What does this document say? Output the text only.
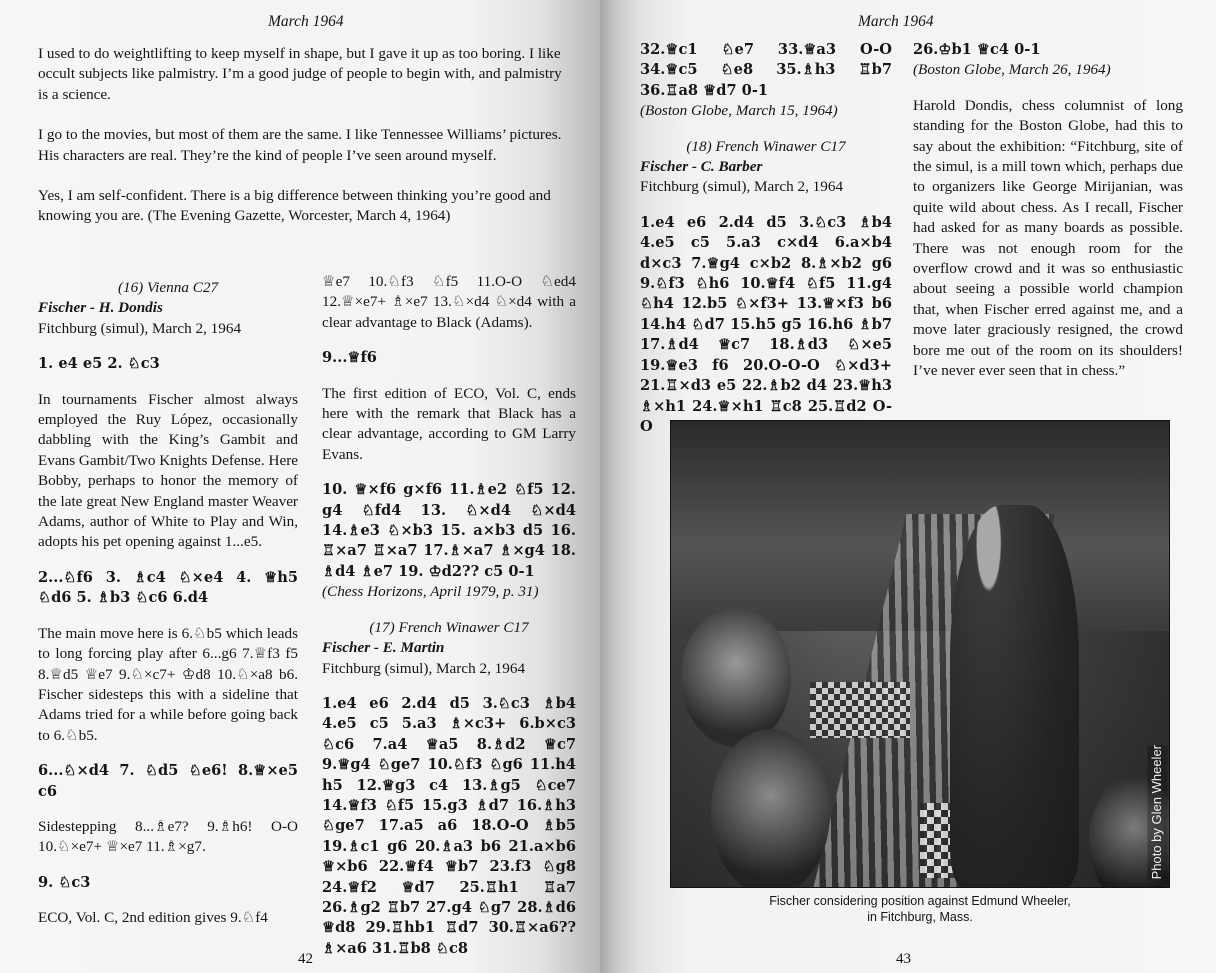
March 1964

I used to do weightlifting to keep myself in shape, but I gave it up as too boring. I like occult subjects like palmistry. I’m a good judge of people to begin with, and palmistry is a science.

I go to the movies, but most of them are the same. I like Tennessee Williams’ pictures. His characters are real. They’re the kind of people I’ve seen around myself.

Yes, I am self-confident. There is a big difference between thinking you’re good and knowing you are. (The Evening Gazette, Worcester, March 4, 1964)

(16) Vienna C27
Fischer - H. Dondis

Fitchburg (simul), March 2, 1964

1. e4 e5 2. ♘c3

In tournaments Fischer almost always employed the Ruy López, occasionally dabbling with the King’s Gambit and Evans Gambit/Two Knights Defense. Here Bobby, perhaps to honor the memory of the late great New England master Weaver Adams, author of White to Play and Win, adopts his pet opening against 1...e5.

2...♘f6 3. ♗c4 ♘×e4 4. ♕h5 ♘d6 5. ♗b3 ♘c6 6.d4

The main move here is 6.♘b5 which leads to long forcing play after 6...g6 7.♕f3 f5 8.♕d5 ♕e7 9.♘×c7+ ♔d8 10.♘×a8 b6. Fischer sidesteps this with a sideline that Adams tried for a while before going back to 6.♘b5.

6...♘×d4 7. ♘d5 ♘e6! 8.♕×e5 c6

Sidestepping 8...♗e7? 9.♗h6! O-O 10.♘×e7+ ♕×e7 11.♗×g7.

9. ♘c3

ECO, Vol. C, 2nd edition gives 9.♘f4

♕e7 10.♘f3 ♘f5 11.O-O ♘ed4 12.♕×e7+ ♗×e7 13.♘×d4 ♘×d4 with a clear advantage to Black (Adams).

9...♕f6

The first edition of ECO, Vol. C, ends here with the remark that Black has a clear advantage, according to GM Larry Evans.

10. ♕×f6 g×f6 11.♗e2 ♘f5 12. g4 ♘fd4 13. ♘×d4 ♘×d4 14.♗e3 ♘×b3 15. a×b3 d5 16. ♖×a7 ♖×a7 17.♗×a7 ♗×g4 18. ♗d4 ♗e7 19. ♔d2?? c5 0-1

(Chess Horizons, April 1979, p. 31)

(17) French Winawer C17
Fischer - E. Martin

Fitchburg (simul), March 2, 1964

1.e4 e6 2.d4 d5 3.♘c3 ♗b4 4.e5 c5 5.a3 ♗×c3+ 6.b×c3 ♘c6 7.a4 ♕a5 8.♗d2 ♕c7 9.♕g4 ♘ge7 10.♘f3 ♘g6 11.h4 h5 12.♕g3 c4 13.♗g5 ♘ce7 14.♕f3 ♘f5 15.g3 ♗d7 16.♗h3 ♘ge7 17.a5 a6 18.O-O ♗b5 19.♗c1 g6 20.♗a3 b6 21.a×b6 ♕×b6 22.♕f4 ♕b7 23.f3 ♘g8 24.♕f2 ♕d7 25.♖h1 ♖a7 26.♗g2 ♖b7 27.g4 ♘g7 28.♗d6 ♕d8 29.♖hb1 ♖d7 30.♖×a6?? ♗×a6 31.♖b8 ♘c8

42
March 1964

32.♕c1 ♘e7 33.♕a3 O-O 34.♕c5 ♘e8 35.♗h3 ♖b7 36.♖a8 ♕d7 0-1

(Boston Globe, March 15, 1964)

(18) French Winawer C17
Fischer - C. Barber

Fitchburg (simul), March 2, 1964

1.e4 e6 2.d4 d5 3.♘c3 ♗b4 4.e5 c5 5.a3 c×d4 6.a×b4 d×c3 7.♕g4 c×b2 8.♗×b2 g6 9.♘f3 ♘h6 10.♕f4 ♘f5 11.g4 ♘h4 12.b5 ♘×f3+ 13.♕×f3 b6 14.h4 ♘d7 15.h5 g5 16.h6 ♗b7 17.♗d4 ♕c7 18.♗d3 ♘×e5 19.♕e3 f6 20.O-O-O ♘×d3+ 21.♖×d3 e5 22.♗b2 d4 23.♕h3 ♗×h1 24.♕×h1 ♖c8 25.♖d2 O-O

26.♔b1 ♕c4 0-1

(Boston Globe, March 26, 1964)

Harold Dondis, chess columnist of long standing for the Boston Globe, had this to say about the exhibition: “Fitchburg, site of the simul, is a mill town which, perhaps due to organizers like George Mirijanian, was quite wild about chess. As I recall, Fischer had asked for as many boards as possible. There was not enough room for the overflow crowd and it was so enthusiastic about seeing a possible world champion that, when Fischer erred against me, and a move later graciously resigned, the crowd bore me out of the room on its shoulders! I’ve never ever seen that in chess.”

Photo by Glen Wheeler
Fischer considering position against Edmund Wheeler,
in Fitchburg, Mass.
43
